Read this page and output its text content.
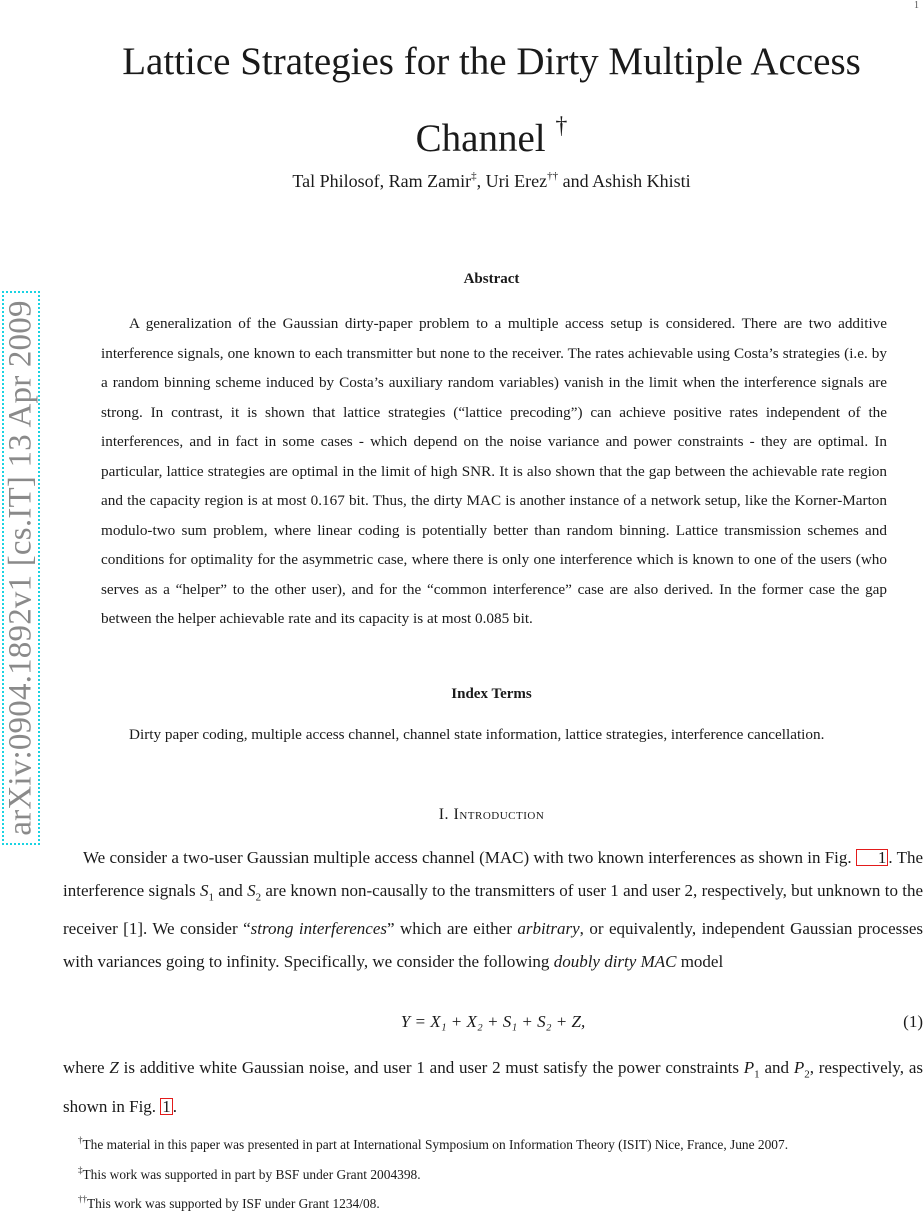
1
arXiv:0904.1892v1 [cs.IT] 13 Apr 2009
Lattice Strategies for the Dirty Multiple Access
Channel †
Tal Philosof, Ram Zamir‡, Uri Erez†† and Ashish Khisti
Abstract
A generalization of the Gaussian dirty-paper problem to a multiple access setup is considered. There are two additive interference signals, one known to each transmitter but none to the receiver. The rates achievable using Costa’s strategies (i.e. by a random binning scheme induced by Costa’s auxiliary random variables) vanish in the limit when the interference signals are strong. In contrast, it is shown that lattice strategies (“lattice precoding”) can achieve positive rates independent of the interferences, and in fact in some cases - which depend on the noise variance and power constraints - they are optimal. In particular, lattice strategies are optimal in the limit of high SNR. It is also shown that the gap between the achievable rate region and the capacity region is at most 0.167 bit. Thus, the dirty MAC is another instance of a network setup, like the Korner-Marton modulo-two sum problem, where linear coding is potentially better than random binning. Lattice transmission schemes and conditions for optimality for the asymmetric case, where there is only one interference which is known to one of the users (who serves as a “helper” to the other user), and for the “common interference” case are also derived. In the former case the gap between the helper achievable rate and its capacity is at most 0.085 bit.
Index Terms
Dirty paper coding, multiple access channel, channel state information, lattice strategies, interference cancellation.
I. Introduction

We consider a two-user Gaussian multiple access channel (MAC) with two known interferences as shown in Fig. 1 . The interference signals $S_1$ and $S_2$ are known non-causally to the transmitters of user 1 and user 2, respectively, but unknown to the receiver [1]. We consider “strong interferences” which are either arbitrary, or equivalently, independent Gaussian processes with variances going to infinity. Specifically, we consider the following doubly dirty MAC model

Y = X₁ + X₂ + S₁ + S₂ + Z,	(1)

where Z is additive white Gaussian noise, and user 1 and user 2 must satisfy the power constraints $P_1$ and $P_2$, respectively, as shown in Fig. 1 .

†The material in this paper was presented in part at International Symposium on Information Theory (ISIT) Nice, France, June 2007.
‡This work was supported in part by BSF under Grant 2004398.
††This work was supported by ISF under Grant 1234/08.
